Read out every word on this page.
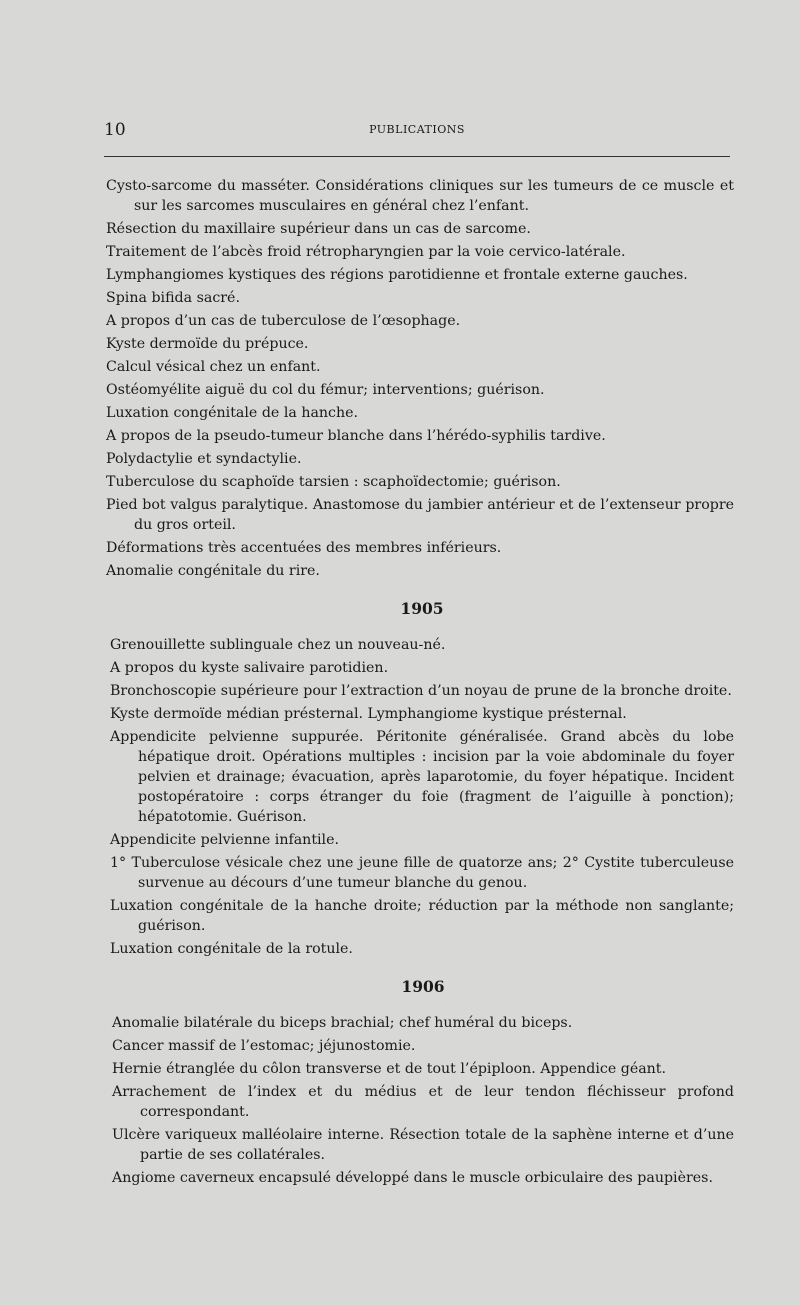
10	PUBLICATIONS

Cysto-sarcome du masséter. Considérations cliniques sur les tumeurs de ce muscle et sur les sarcomes musculaires en général chez l’enfant.

Résection du maxillaire supérieur dans un cas de sarcome.

Traitement de l’abcès froid rétropharyngien par la voie cervico-latérale.

Lymphangiomes kystiques des régions parotidienne et frontale externe gauches.

Spina bifida sacré.

A propos d’un cas de tuberculose de l’œsophage.

Kyste dermoïde du prépuce.

Calcul vésical chez un enfant.

Ostéomyélite aiguë du col du fémur; interventions; guérison.

Luxation congénitale de la hanche.

A propos de la pseudo-tumeur blanche dans l’hérédo-syphilis tardive.

Polydactylie et syndactylie.

Tuberculose du scaphoïde tarsien : scaphoïdectomie; guérison.

Pied bot valgus paralytique. Anastomose du jambier antérieur et de l’extenseur propre du gros orteil.

Déformations très accentuées des membres inférieurs.

Anomalie congénitale du rire.

1905

Grenouillette sublinguale chez un nouveau-né.

A propos du kyste salivaire parotidien.

Bronchoscopie supérieure pour l’extraction d’un noyau de prune de la bronche droite.

Kyste dermoïde médian présternal. Lymphangiome kystique présternal.

Appendicite pelvienne suppurée. Péritonite généralisée. Grand abcès du lobe hépatique droit. Opérations multiples : incision par la voie abdominale du foyer pelvien et drainage; évacuation, après laparotomie, du foyer hépatique. Incident postopératoire : corps étranger du foie (fragment de l’aiguille à ponction); hépatotomie. Guérison.

Appendicite pelvienne infantile.

1° Tuberculose vésicale chez une jeune fille de quatorze ans; 2° Cystite tuberculeuse survenue au décours d’une tumeur blanche du genou.

Luxation congénitale de la hanche droite; réduction par la méthode non sanglante; guérison.

Luxation congénitale de la rotule.

1906

Anomalie bilatérale du biceps brachial; chef huméral du biceps.

Cancer massif de l’estomac; jéjunostomie.

Hernie étranglée du côlon transverse et de tout l’épiploon. Appendice géant.

Arrachement de l’index et du médius et de leur tendon fléchisseur profond correspondant.

Ulcère variqueux malléolaire interne. Résection totale de la saphène interne et d’une partie de ses collatérales.

Angiome caverneux encapsulé développé dans le muscle orbiculaire des paupières.
